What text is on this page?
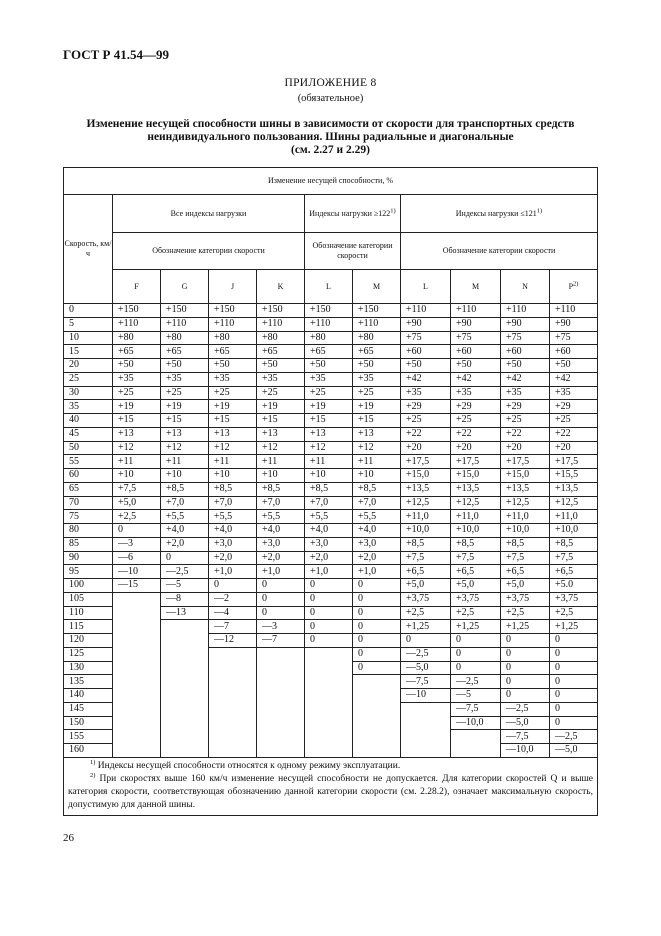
ГОСТ Р 41.54—99
ПРИЛОЖЕНИЕ 8
(обязательное)
Изменение несущей способности шины в зависимости от скорости для транспортных средств
неиндивидуального пользования. Шины радиальные и диагональные
(см. 2.27 и 2.29)
Изменение несущей способности, %										
Скорость, км/ч	Все индексы нагрузки				Индексы нагрузки $\ge 122^{1)}$		Индексы нагрузки $\le 121^{1)}$
	Обозначение категории скорости				Обозначение категории скорости		Обозначение категории скорости			
	F	G	J	K	L	M	L	M	N	$P^{2)}$
0	+150	+150	+150	+150	+150	+150	+110	+110	+110	+110
5	+110	+110	+110	+110	+110	+110	+90	+90	+90	+90
10	+80	+80	+80	+80	+80	+80	+75	+75	+75	+75
15	+65	+65	+65	+65	+65	+65	+60	+60	+60	+60
20	+50	+50	+50	+50	+50	+50	+50	+50	+50	+50
25	+35	+35	+35	+35	+35	+35	+42	+42	+42	+42
30	+25	+25	+25	+25	+25	+25	+35	+35	+35	+35
35	+19	+19	+19	+19	+19	+19	+29	+29	+29	+29
40	+15	+15	+15	+15	+15	+15	+25	+25	+25	+25
45	+13	+13	+13	+13	+13	+13	+22	+22	+22	+22
50	+12	+12	+12	+12	+12	+12	+20	+20	+20	+20
55	+11	+11	+11	+11	+11	+11	+17,5	+17,5	+17,5	+17,5
60	+10	+10	+10	+10	+10	+10	+15,0	+15,0	+15,0	+15,5
65	+7,5	+8,5	+8,5	+8,5	+8,5	+8,5	+13,5	+13,5	+13,5	+13,5
70	+5,0	+7,0	+7,0	+7,0	+7,0	+7,0	+12,5	+12,5	+12,5	+12,5
75	+2,5	+5,5	+5,5	+5,5	+5,5	+5,5	+11,0	+11,0	+11,0	+11,0
80	0	+4,0	+4,0	+4,0	+4,0	+4,0	+10,0	+10,0	+10,0	+10,0
85	—3	+2,0	+3,0	+3,0	+3,0	+3,0	+8,5	+8,5	+8,5	+8,5
90	—6	0	+2,0	+2,0	+2,0	+2,0	+7,5	+7,5	+7,5	+7,5
95	—10	—2,5	+1,0	+1,0	+1,0	+1,0	+6,5	+6,5	+6,5	+6,5
100	—15	—5	0	0	0	0	+5,0	+5,0	+5,0	+5.0
105		—8	—2	0	0	0	+3,75	+3,75	+3,75	+3,75
110		—13	—4	0	0	0	+2,5	+2,5	+2,5	+2,5
115			—7	—3	0	0	+1,25	+1,25	+1,25	+1,25
120			—12	—7	0	0	0	0	0	0
125						0	—2,5	0	0	0
130						0	—5,0	0	0	0
135							—7,5	—2,5	0	0
140							—10	—5	0	0
145								—7,5	—2,5	0
150								—10,0	—5,0	0
155									—7,5	—2,5
160									—10,0	—5,0

$^{1)}$ Индексы несущей способности относятся к одному режиму эксплуатации.

$^{2)}$ При скоростях выше 160 км/ч изменение несущей способности не допускается. Для категории скоростей Q и выше категория скорости, соответствующая обозначению данной категории скорости (см. 2.28.2), означает максимальную скорость, допустимую для данной шины.										

26
